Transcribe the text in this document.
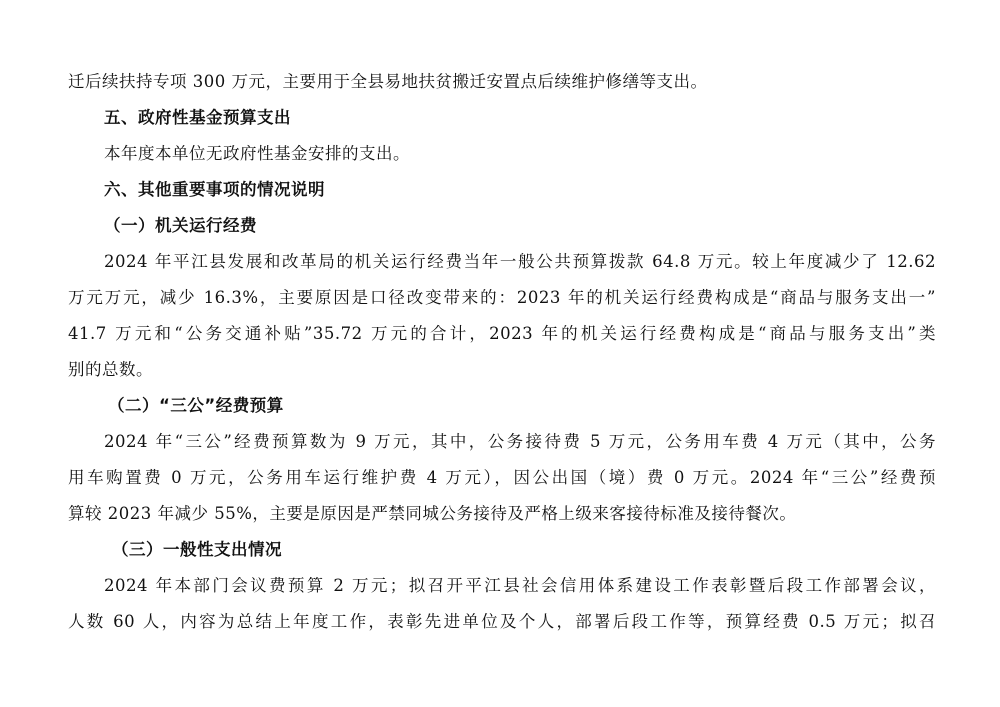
迁后续扶持专项 300 万元，主要用于全县易地扶贫搬迁安置点后续维护修缮等支出。
五、政府性基金预算支出
本年度本单位无政府性基金安排的支出。
六、其他重要事项的情况说明
（一）机关运行经费
2024 年平江县发展和改革局的机关运行经费当年一般公共预算拨款 64.8 万元。较上年度减少了 12.62
万元万元，减少 16.3%，主要原因是口径改变带来的：2023 年的机关运行经费构成是“商品与服务支出一”
41.7 万元和“公务交通补贴”35.72 万元的合计，2023 年的机关运行经费构成是“商品与服务支出”类
别的总数。
（二）“三公”经费预算
2024 年“三公”经费预算数为 9 万元，其中，公务接待费 5 万元，公务用车费 4 万元（其中，公务
用车购置费 0 万元，公务用车运行维护费 4 万元），因公出国（境）费 0 万元。2024 年“三公”经费预
算较 2023 年减少 55%，主要是原因是严禁同城公务接待及严格上级来客接待标准及接待餐次。
（三）一般性支出情况
2024 年本部门会议费预算 2 万元；拟召开平江县社会信用体系建设工作表彰暨后段工作部署会议，
人数 60 人，内容为总结上年度工作，表彰先进单位及个人，部署后段工作等，预算经费 0.5 万元；拟召
